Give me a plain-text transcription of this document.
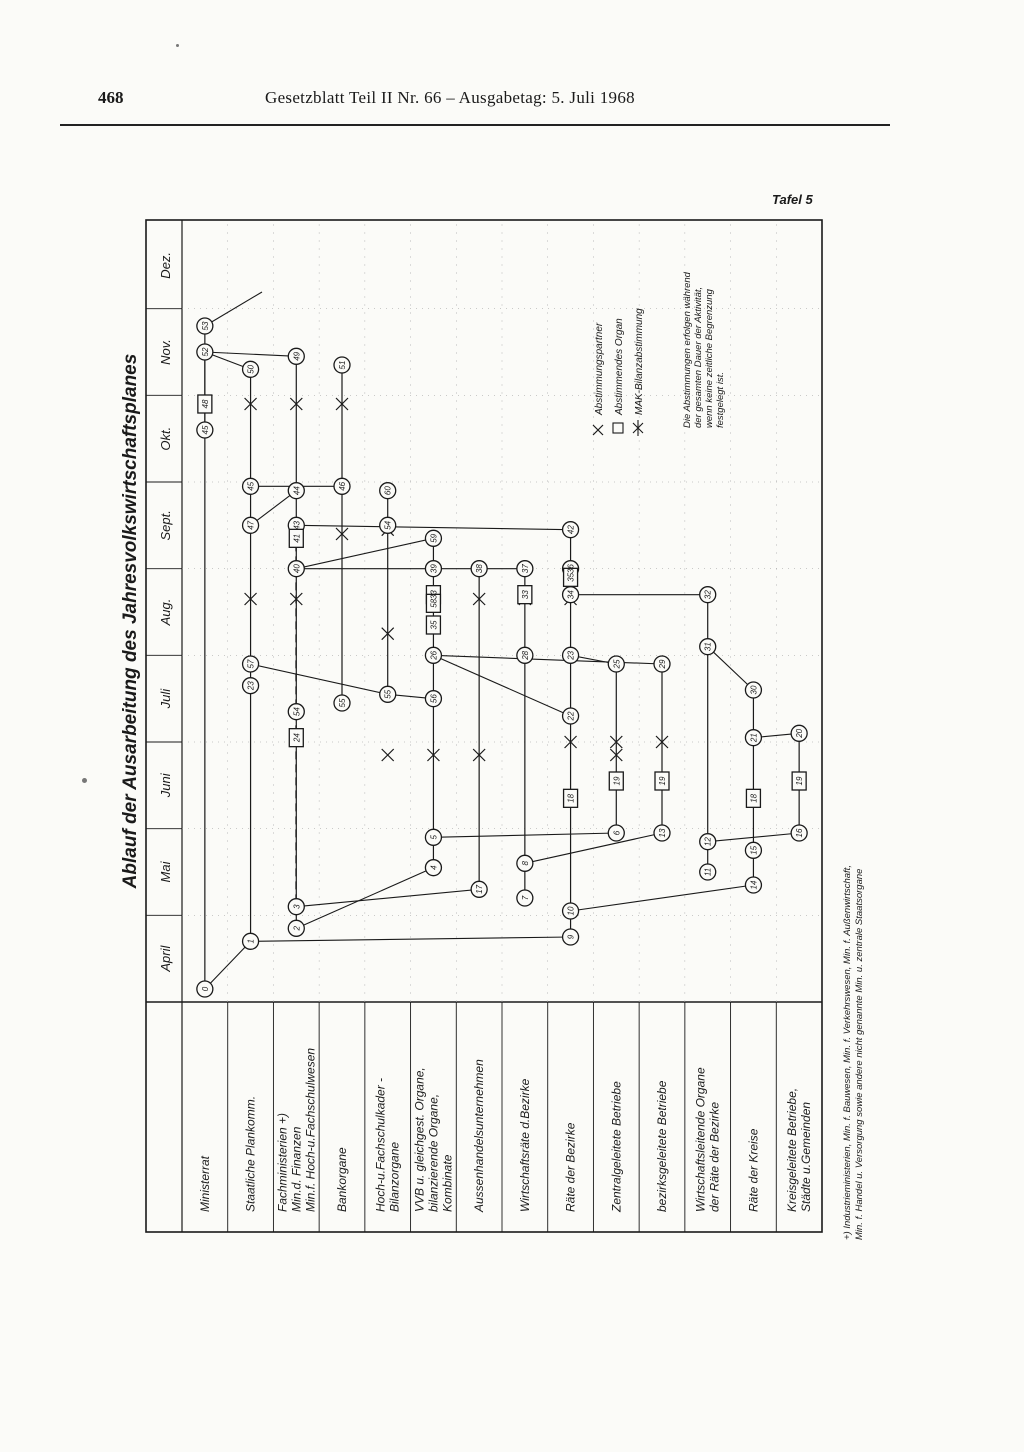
468	Gesetzblatt Teil II Nr. 66 – Ausgabetag: 5. Juli 1968
Tafel 5
Ablauf der Ausarbeitung des Jahresvolkswirtschaftsplanes
April
Mai
Juni
Juli
Aug.
Sept.
Okt.
Nov.
Dez.
Ministerrat	Staatliche Plankomm. Fachministerien +) Min.d. Finanzen Min.f. Hoch-u.Fachschulwesen Bankorgane Hoch-u.Fachschulkader - Bilanzorgane VVB u. gleichgest. Organe, bilanzierende Organe, Kombinate Aussenhandelsunternehmen	Wirtschaftsräte d.Bezirke	Räte der Bezirke	Zentralgeleitete Betriebe	bezirksgeleitete Betriebe Wirtschaftsleitende Organe der Räte der Bezirke Räte der Kreise Kreisgeleitete Betriebe, Städte u.Gemeinden
0
1
2
3
4
5
6
7
8
9
10
11
12
13
14
15
16
17
20
21
22
23
25
26	28
29
30
31
32
34
36
37
38
39
40
42
43
44
45
45
46
47
49
50	51
52
53
54
55	56
57
59
60
23
54
55
18
19	19
18
19
24
33	33
35
35
58
41
48	Abstimmungspartner Abstimmendes Organ MAK-Bilanzabstimmung	Die Abstimmungen erfolgen während der gesamten Dauer der Aktivität, wenn keine zeitliche Begrenzung festgelegt ist.
+) Industrieministerien, Min. f. Bauwesen, Min. f. Verkehrswesen, Min. f. Außenwirtschaft, Min. f. Handel u. Versorgung sowie andere nicht genannte Min. u. zentrale Staatsorgane
